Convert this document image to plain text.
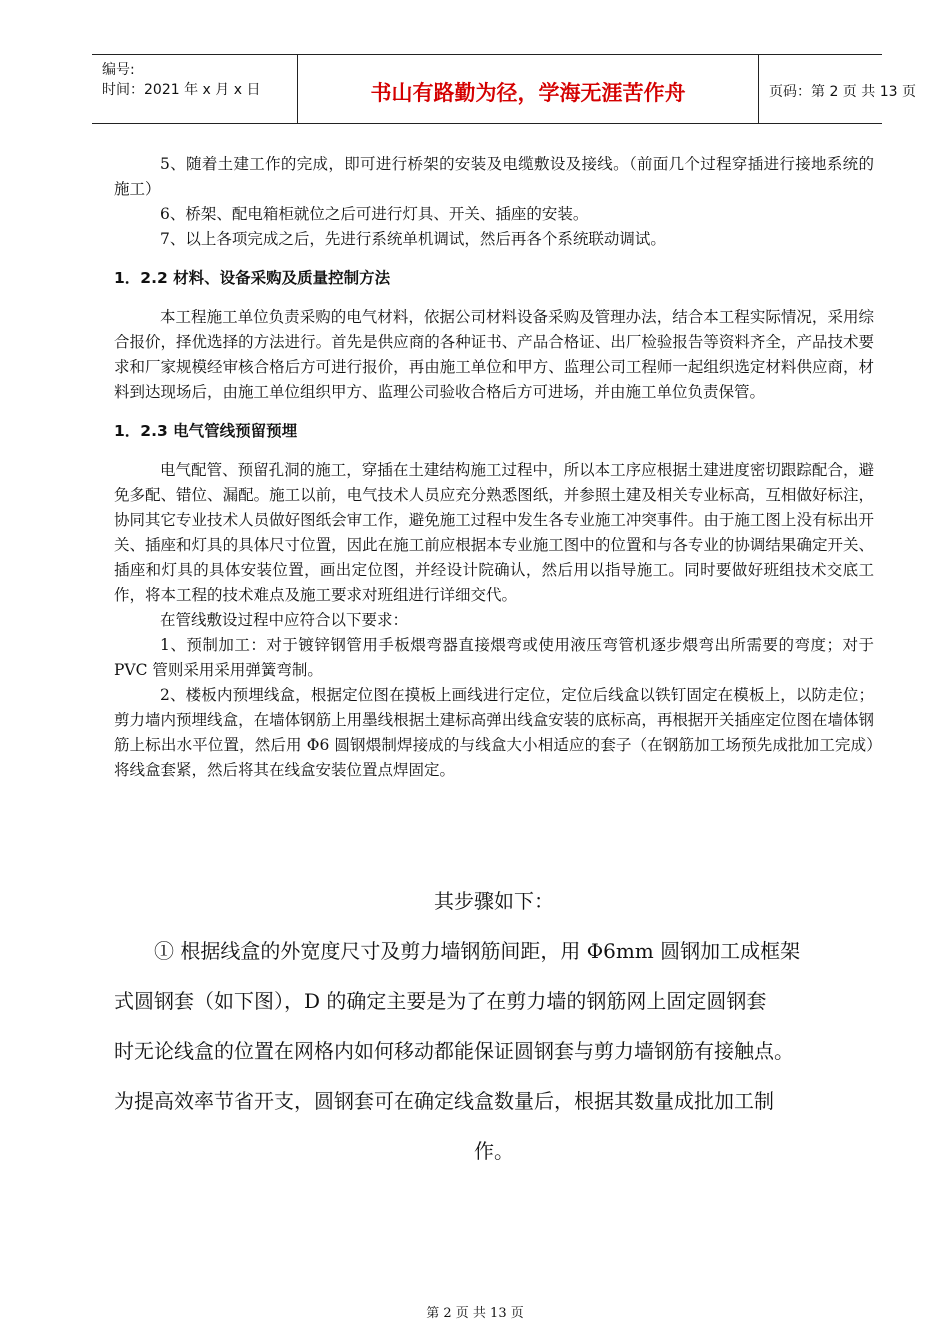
编号:
时间：2021 年 x 月 x 日	书山有路勤为径，学海无涯苦作舟	页码：第 2 页 共 13 页

5、随着土建工作的完成，即可进行桥架的安装及电缆敷设及接线。（前面几个过程穿插进行接地系统的施工）

6、桥架、配电箱柜就位之后可进行灯具、开关、插座的安装。

7、以上各项完成之后，先进行系统单机调试，然后再各个系统联动调试。

1．2.2 材料、设备采购及质量控制方法

本工程施工单位负责采购的电气材料，依据公司材料设备采购及管理办法，结合本工程实际情况，采用综合报价，择优选择的方法进行。首先是供应商的各种证书、产品合格证、出厂检验报告等资料齐全，产品技术要求和厂家规模经审核合格后方可进行报价，再由施工单位和甲方、监理公司工程师一起组织选定材料供应商，材料到达现场后，由施工单位组织甲方、监理公司验收合格后方可进场，并由施工单位负责保管。

1．2.3 电气管线预留预埋

电气配管、预留孔洞的施工，穿插在土建结构施工过程中，所以本工序应根据土建进度密切跟踪配合，避免多配、错位、漏配。施工以前，电气技术人员应充分熟悉图纸，并参照土建及相关专业标高，互相做好标注，协同其它专业技术人员做好图纸会审工作，避免施工过程中发生各专业施工冲突事件。由于施工图上没有标出开关、插座和灯具的具体尺寸位置，因此在施工前应根据本专业施工图中的位置和与各专业的协调结果确定开关、插座和灯具的具体安装位置，画出定位图，并经设计院确认，然后用以指导施工。同时要做好班组技术交底工作，将本工程的技术难点及施工要求对班组进行详细交代。

在管线敷设过程中应符合以下要求：

1、预制加工：对于镀锌钢管用手板煨弯器直接煨弯或使用液压弯管机逐步煨弯出所需要的弯度；对于 PVC 管则采用采用弹簧弯制。

2、楼板内预埋线盒，根据定位图在摸板上画线进行定位，定位后线盒以铁钉固定在模板上，以防走位；剪力墙内预埋线盒，在墙体钢筋上用墨线根据土建标高弹出线盒安装的底标高，再根据开关插座定位图在墙体钢筋上标出水平位置，然后用 Φ6 圆钢煨制焊接成的与线盒大小相适应的套子（在钢筋加工场预先成批加工完成）将线盒套紧，然后将其在线盒安装位置点焊固定。

其步骤如下：
① 根据线盒的外宽度尺寸及剪力墙钢筋间距，用 Φ6mm 圆钢加工成框架
式圆钢套（如下图），D 的确定主要是为了在剪力墙的钢筋网上固定圆钢套
时无论线盒的位置在网格内如何移动都能保证圆钢套与剪力墙钢筋有接触点。
为提高效率节省开支，圆钢套可在确定线盒数量后，根据其数量成批加工制
作。
第 2 页 共 13 页
